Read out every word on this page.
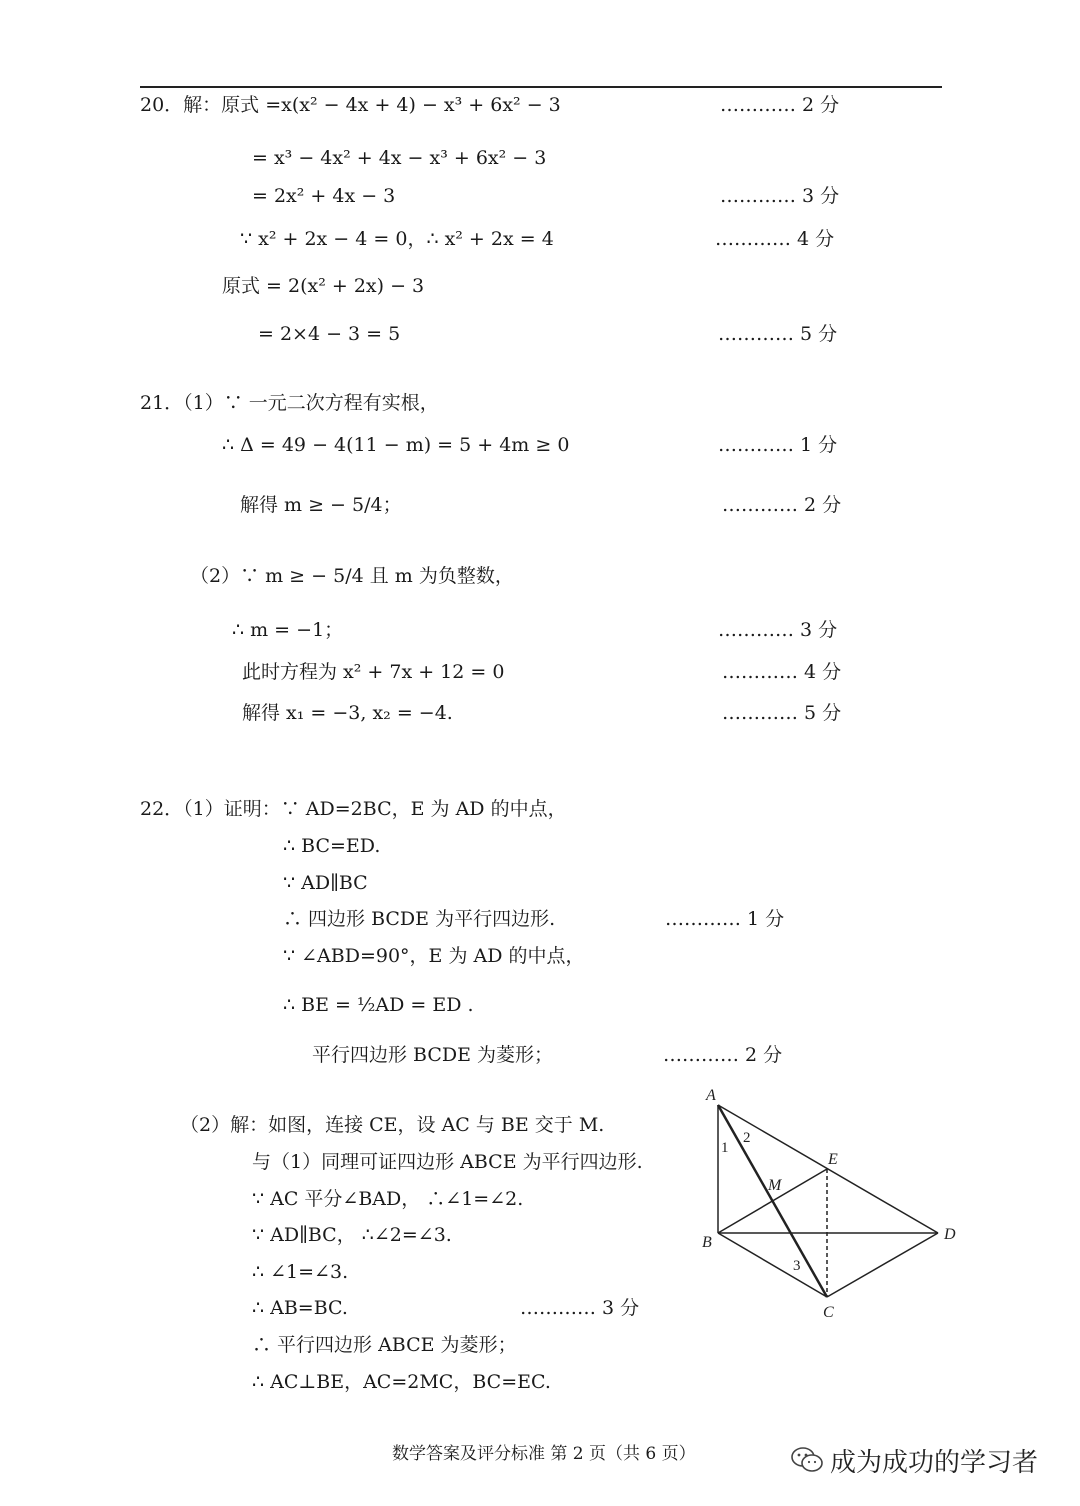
20．解：原式 =x(x² − 4x + 4) − x³ + 6x² − 3	………… 2 分
= x³ − 4x² + 4x − x³ + 6x² − 3
= 2x² + 4x − 3	………… 3 分
∵ x² + 2x − 4 = 0，∴ x² + 2x = 4	………… 4 分
原式 = 2(x² + 2x) − 3
= 2×4 − 3 = 5	………… 5 分
21．（1）∵ 一元二次方程有实根，
∴ Δ = 49 − 4(11 − m) = 5 + 4m ≥ 0	………… 1 分
解得 m ≥ − 5/4；	………… 2 分
（2）∵ m ≥ − 5/4 且 m 为负整数，
∴ m = −1；	………… 3 分
此时方程为 x² + 7x + 12 = 0	………… 4 分
解得 x₁ = −3, x₂ = −4.	………… 5 分
22．（1）证明：∵ AD=2BC，E 为 AD 的中点，
∴ BC=ED.
∵ AD∥BC
∴ 四边形 BCDE 为平行四边形.	………… 1 分
∵ ∠ABD=90°，E 为 AD 的中点，
∴ BE = ½AD = ED .
平行四边形 BCDE 为菱形；	………… 2 分
（2）解：如图，连接 CE，设 AC 与 BE 交于 M.
与（1）同理可证四边形 ABCE 为平行四边形.
∵ AC 平分∠BAD， ∴∠1=∠2.
∵ AD∥BC， ∴∠2=∠3.
∴ ∠1=∠3.
∴ AB=BC.	………… 3 分
∴ 平行四边形 ABCE 为菱形；
∴ AC⊥BE，AC=2MC，BC=EC.
A
B
C
D
E
M
1
2
3
数学答案及评分标准 第 2 页（共 6 页）	成为成功的学习者
